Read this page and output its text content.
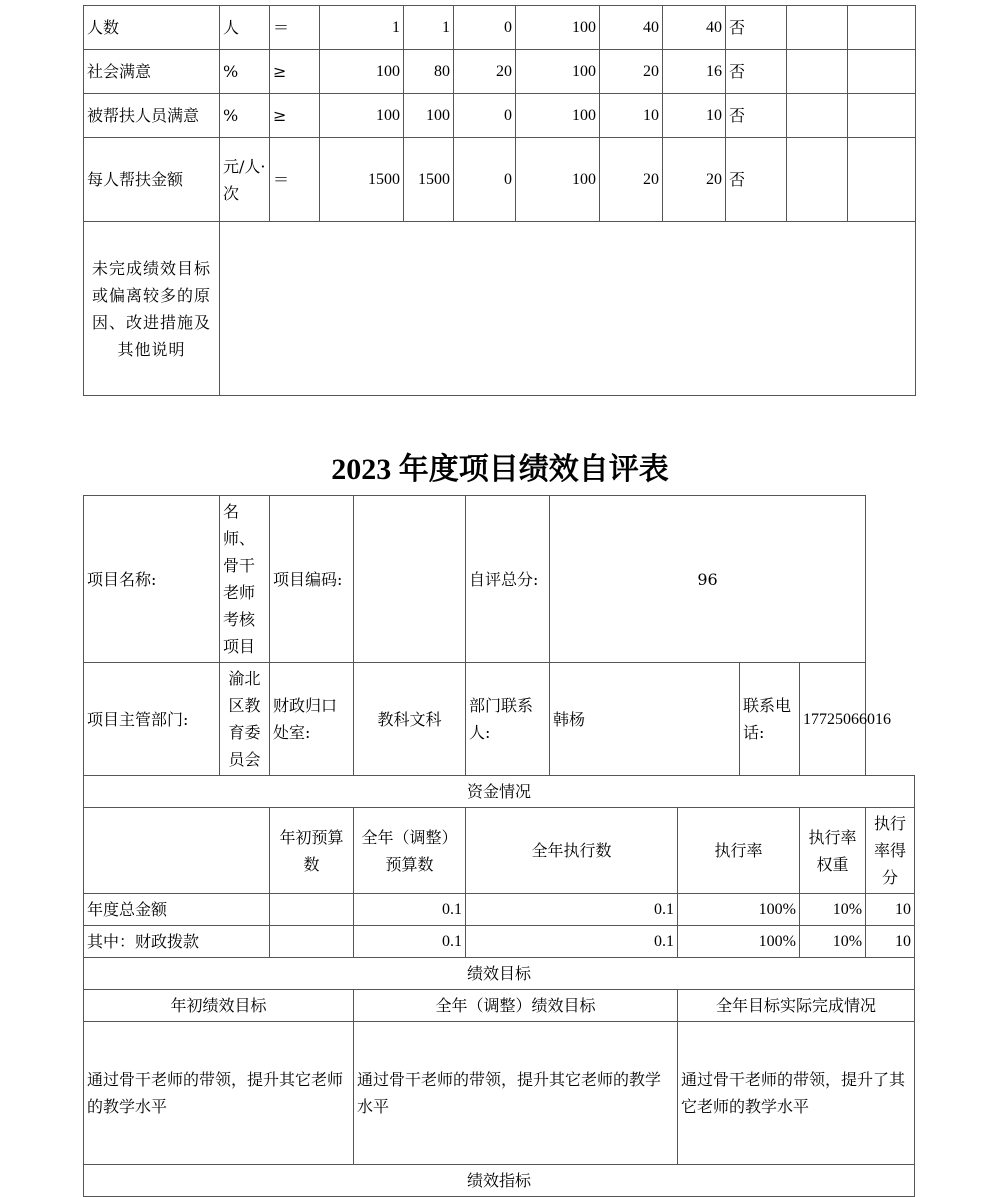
人数	人	＝	1	1	0	100	40	40	否		
社会满意	%	≥	100	80	20	100	20	16	否		
被帮扶人员满意	%	≥	100	100	0	100	10	10	否		
每人帮扶金额	元/人·次	＝	1500	1500	0	100	20	20	否		
未完成绩效目标或偏离较多的原因、改进措施及其他说明											
2023 年度项目绩效自评表
项目名称:	名师、骨干老师考核项目	项目编码:		自评总分:	96				
项目主管部门:	渝北区教育委员会	财政归口处室:	教科文科	部门联系人:	韩杨		联系电话:	17725066016	
资金情况									
		年初预算数	全年（调整）预算数	全年执行数		执行率		执行率权重	执行率得分
年度总金额			0.1	0.1		100%		10%	10
其中：财政拨款			0.1	0.1		100%		10%	10
绩效目标									
年初绩效目标			全年（调整）绩效目标			全年目标实际完成情况			
通过骨干老师的带领，提升其它老师的教学水平			通过骨干老师的带领，提升其它老师的教学水平			通过骨干老师的带领，提升了其它老师的教学水平			
绩效指标									
